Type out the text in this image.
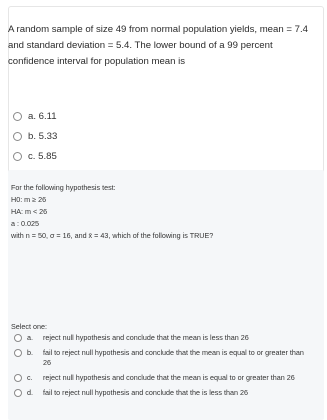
A random sample of size 49 from normal population yields, mean = 7.4 and standard deviation = 5.4. The lower bound of a 99 percent confidence interval for population mean is
a. 6.11
b. 5.33
c. 5.85
For the following hypothesis test:
H0: m ≥ 26
HA: m < 26
a : 0.025
with n = 50, σ = 16, and x̄ = 43, which of the following is TRUE?
Select one:
a.	reject null hypothesis and conclude that the mean is less than 26
b.	fail to reject null hypothesis and conclude that the mean is equal to or greater than 26
c.	reject null hypothesis and conclude that the mean is equal to or greater than 26
d.	fail to reject null hypothesis and conclude that the is less than 26
